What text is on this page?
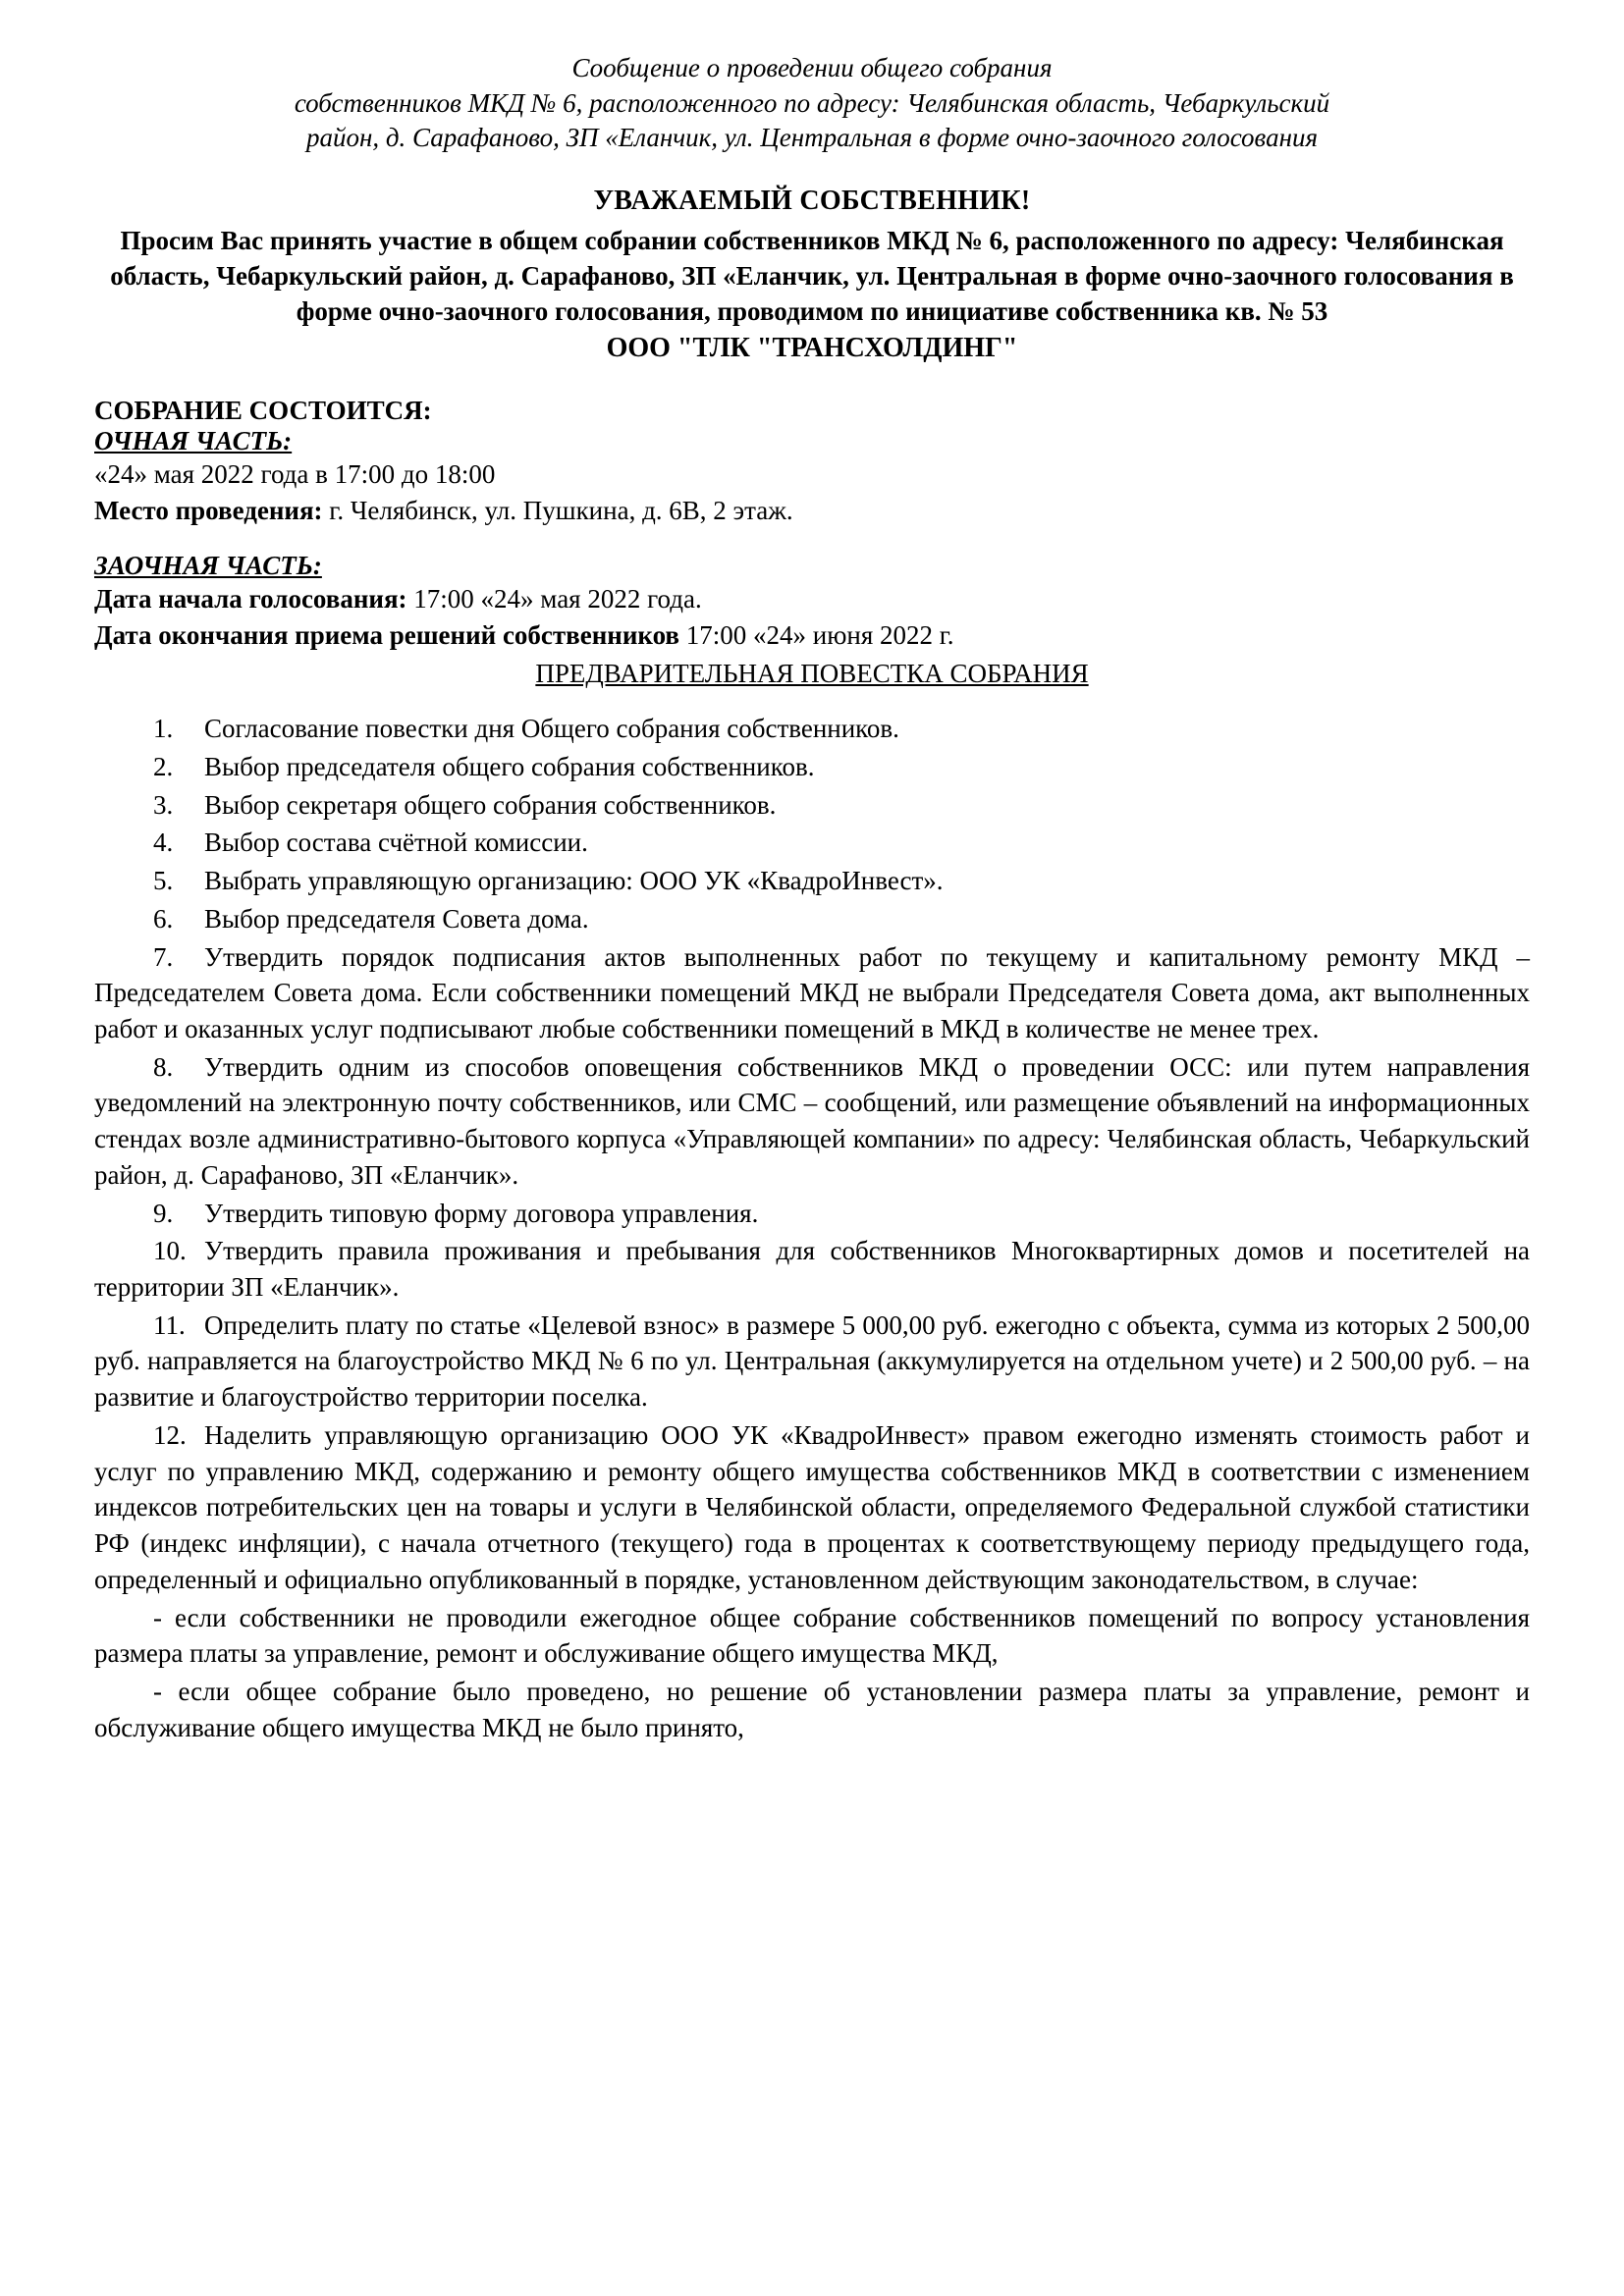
Сообщение о проведении общего собрания
собственников МКД № 6, расположенного по адресу: Челябинская область, Чебаркульский
район, д. Сарафаново, ЗП «Еланчик, ул. Центральная в форме очно-заочного голосования
УВАЖАЕМЫЙ СОБСТВЕННИК!
Просим Вас принять участие в общем собрании собственников МКД № 6, расположенного по адресу: Челябинская область, Чебаркульский район, д. Сарафаново, ЗП «Еланчик, ул. Центральная в форме очно-заочного голосования в форме очно-заочного голосования, проводимом по инициативе собственника кв. № 53
ООО "ТЛК "ТРАНСХОЛДИНГ"
СОБРАНИЕ СОСТОИТСЯ:
ОЧНАЯ ЧАСТЬ:
«24» мая 2022 года в 17:00 до 18:00
Место проведения: г. Челябинск, ул. Пушкина, д. 6В, 2 этаж.
ЗАОЧНАЯ ЧАСТЬ:
Дата начала голосования: 17:00 «24» мая 2022 года.
Дата окончания приема решений собственников 17:00 «24» июня 2022 г.
ПРЕДВАРИТЕЛЬНАЯ ПОВЕСТКА СОБРАНИЯ
1 . Согласование повестки дня Общего собрания собственников.
2 . Выбор председателя общего собрания собственников.
3 . Выбор секретаря общего собрания собственников.
4 . Выбор состава счётной комиссии.
5 . Выбрать управляющую организацию: ООО УК «КвадроИнвест».
6 . Выбор председателя Совета дома.
7 . Утвердить порядок подписания актов выполненных работ по текущему и капитальному ремонту МКД – Председателем Совета дома. Если собственники помещений МКД не выбрали Председателя Совета дома, акт выполненных работ и оказанных услуг подписывают любые собственники помещений в МКД в количестве не менее трех.
8 . Утвердить одним из способов оповещения собственников МКД о проведении ОСС: или путем направления уведомлений на электронную почту собственников, или СМС – сообщений, или размещение объявлений на информационных стендах возле административно-бытового корпуса «Управляющей компании» по адресу: Челябинская область, Чебаркульский район, д. Сарафаново, ЗП «Еланчик».
9 . Утвердить типовую форму договора управления.
10 . Утвердить правила проживания и пребывания для собственников Многоквартирных домов и посетителей на территории ЗП «Еланчик».
11 . Определить плату по статье «Целевой взнос» в размере 5 000,00 руб. ежегодно с объекта, сумма из которых 2 500,00 руб. направляется на благоустройство МКД № 6 по ул. Центральная (аккумулируется на отдельном учете) и 2 500,00 руб. – на развитие и благоустройство территории поселка.
12 . Наделить управляющую организацию ООО УК «КвадроИнвест» правом ежегодно изменять стоимость работ и услуг по управлению МКД, содержанию и ремонту общего имущества собственников МКД в соответствии с изменением индексов потребительских цен на товары и услуги в Челябинской области, определяемого Федеральной службой статистики РФ (индекс инфляции), с начала отчетного (текущего) года в процентах к соответствующему периоду предыдущего года, определенный и официально опубликованный в порядке, установленном действующим законодательством, в случае:

- если собственники не проводили ежегодное общее собрание собственников помещений по вопросу установления размера платы за управление, ремонт и обслуживание общего имущества МКД,

- если общее собрание было проведено, но решение об установлении размера платы за управление, ремонт и обслуживание общего имущества МКД не было принято,
